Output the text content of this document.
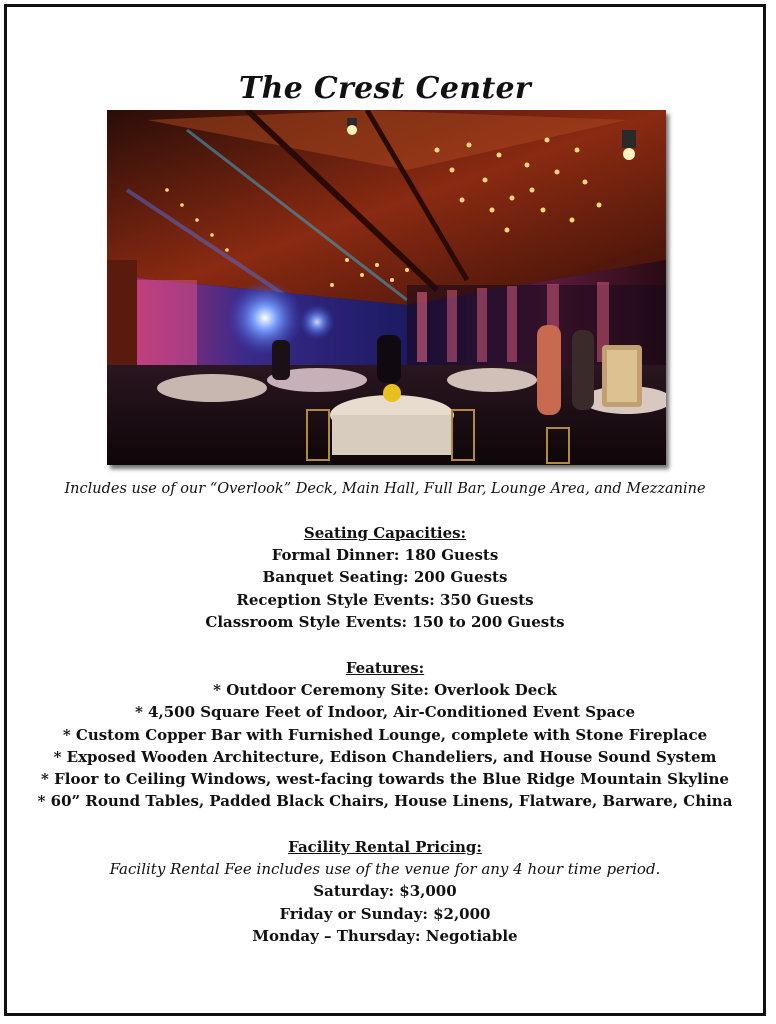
The Crest Center
Includes use of our “Overlook” Deck, Main Hall, Full Bar, Lounge Area, and Mezzanine
Seating Capacities:
Formal Dinner: 180 Guests
Banquet Seating: 200 Guests
Reception Style Events: 350 Guests
Classroom Style Events: 150 to 200 Guests
Features:
* Outdoor Ceremony Site: Overlook Deck
* 4,500 Square Feet of Indoor, Air-Conditioned Event Space
* Custom Copper Bar with Furnished Lounge, complete with Stone Fireplace
* Exposed Wooden Architecture, Edison Chandeliers, and House Sound System
* Floor to Ceiling Windows, west-facing towards the Blue Ridge Mountain Skyline
* 60” Round Tables, Padded Black Chairs, House Linens, Flatware, Barware, China
Facility Rental Pricing:
Facility Rental Fee includes use of the venue for any 4 hour time period.
Saturday: $3,000
Friday or Sunday: $2,000
Monday – Thursday: Negotiable
